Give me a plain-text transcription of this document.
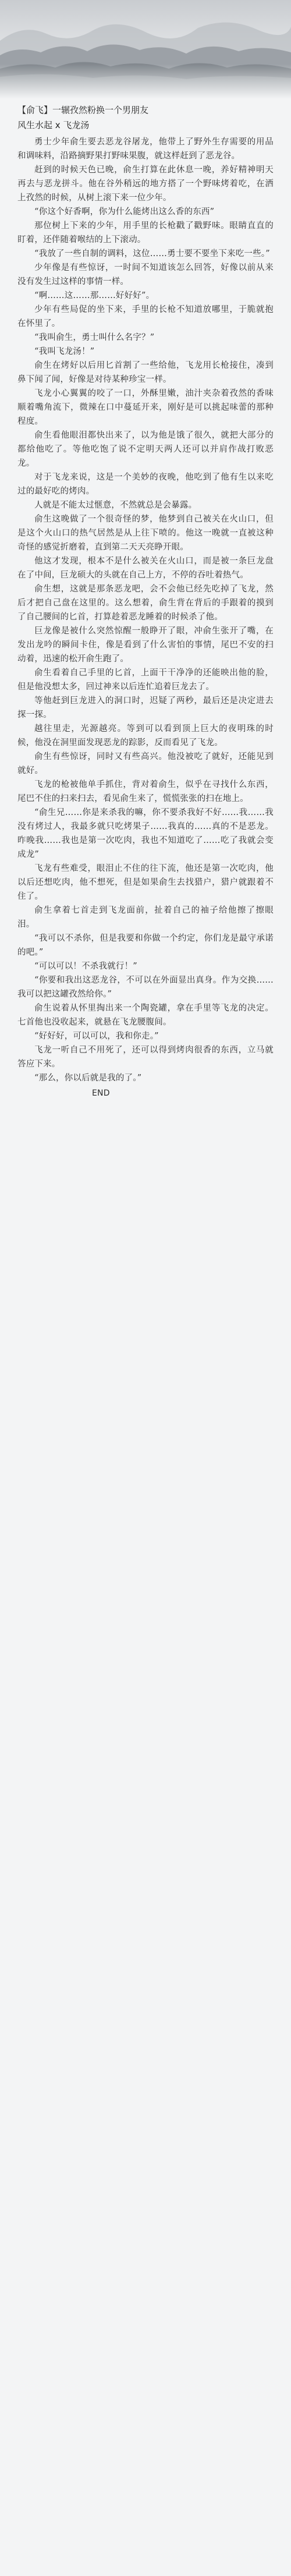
【俞飞】一辗孜然粉换一个男朋友
风生水起 x 飞龙汤

勇士少年俞生要去恶龙谷屠龙，他带上了野外生存需要的用品和调味料，沿路摘野果打野味果腹，就这样赶到了恶龙谷。

赶到的时候天色已晚，俞生打算在此休息一晚，养好精神明天再去与恶龙拼斗。他在谷外稍远的地方搭了一个野味烤着吃，在洒上孜然的时候，从树上滚下来一位少年。

“你这个好香啊，你为什么能烤出这么香的东西”

那位树上下来的少年，用手里的长枪戳了戳野味。眼睛直直的盯着，还伴随着喉结的上下滚动。

“我放了一些自制的调料，这位……勇士要不要坐下来吃一些。”

少年像是有些惊讶，一时间不知道该怎么回答，好像以前从来没有发生过这样的事情一样。

“啊……这……那……好好好”。

少年有些局促的坐下来，手里的长枪不知道放哪里，于脆就抱在怀里了。

“我叫俞生，勇士叫什么名字？”

“我叫飞龙汤！”

俞生在烤好以后用匕首割了一些给他，飞龙用长枪接住，凑到鼻下闻了闻，好像是对待某种珍宝一样。

飞龙小心翼翼的咬了一口，外酥里嫩，油汁夹杂着孜然的香味顺着嘴角流下，微辣在口中蔓延开来，刚好是可以挑起味蕾的那种程度。

俞生看他眼泪都快出来了，以为他是饿了很久，就把大部分的都给他吃了。等他吃饱了说不定明天两人还可以并肩作战打败恶龙。

对于飞龙来说，这是一个美妙的夜晚，他吃到了他有生以来吃过的最好吃的烤肉。

人就是不能太过惬意，不然就总是会暴露。

俞生这晚做了一个很奇怪的梦，他梦到自己被关在火山口，但是这个火山口的热气居然是从上往下喷的。他这一晚就一直被这种奇怪的感觉折磨着，直到第二天天亮睁开眼。

他这才发现，根本不是什么被关在火山口，而是被一条巨龙盘在了中间，巨龙硕大的头就在自己上方，不停的吞吐着热气。

俞生想，这就是那条恶龙吧，会不会他已经先吃掉了飞龙，然后才把自己盘在这里的。这么想着，俞生背在背后的手跟着的摸到了自己腰间的匕首，打算趁着恶龙睡着的时候杀了他。

巨龙像是被什么突然惊醒一般睁开了眼，冲俞生张开了嘴，在发出龙吟的瞬间卡住，像是看到了什么害怕的事情，尾巴不安的扫动着，迅速的松开俞生跑了。

俞生看着自己手里的匕首，上面干干净净的还能映出他的脸，但是他没想太多，回过神来以后连忙追着巨龙去了。

等他赶到巨龙进入的洞口时，迟疑了两秒，最后还是决定进去探一探。

越往里走，光源越亮。等到可以看到顶上巨大的夜明珠的时候，他没在洞里面发现恶龙的踪影，反而看见了飞龙。

俞生有些惊讶，同时又有些高兴。他没被吃了就好，还能见到就好。

飞龙的枪被他单手抓住，背对着俞生，似乎在寻找什么东西，尾巴不住的扫来扫去，看见俞生来了，慌慌张张的扫在地上。

“俞生兄……你是来杀我的嘛，你不要杀我好不好……我……我没有烤过人，我最多就只吃烤果子……我真的……真的不是恶龙。昨晚我……我也是第一次吃肉，我也不知道吃了……吃了我就会变成龙”

飞龙有些难受，眼泪止不住的往下流，他还是第一次吃肉，他以后还想吃肉，他不想死，但是如果俞生去找猎户，猎户就跟着不住了。

俞生拿着七首走到飞龙面前，扯着自己的袖子给他擦了擦眼泪。

“我可以不杀你，但是我要和你做一个约定，你们龙是最守承诺的吧。”

“可以可以！不杀我就行！”

“你要和我出这恶龙谷，不可以在外面显出真身。作为交换……我可以把这罐孜然给你。”

俞生说着从怀里掏出来一个陶瓷罐，拿在手里等飞龙的决定。七首他也没收起来，就悬在飞龙腰腹间。

“好好好，可以可以，我和你走。”

飞龙一听自己不用死了，还可以得到烤肉很香的东西，立马就答应下来。

“那么，你以后就是我的了。”

END
